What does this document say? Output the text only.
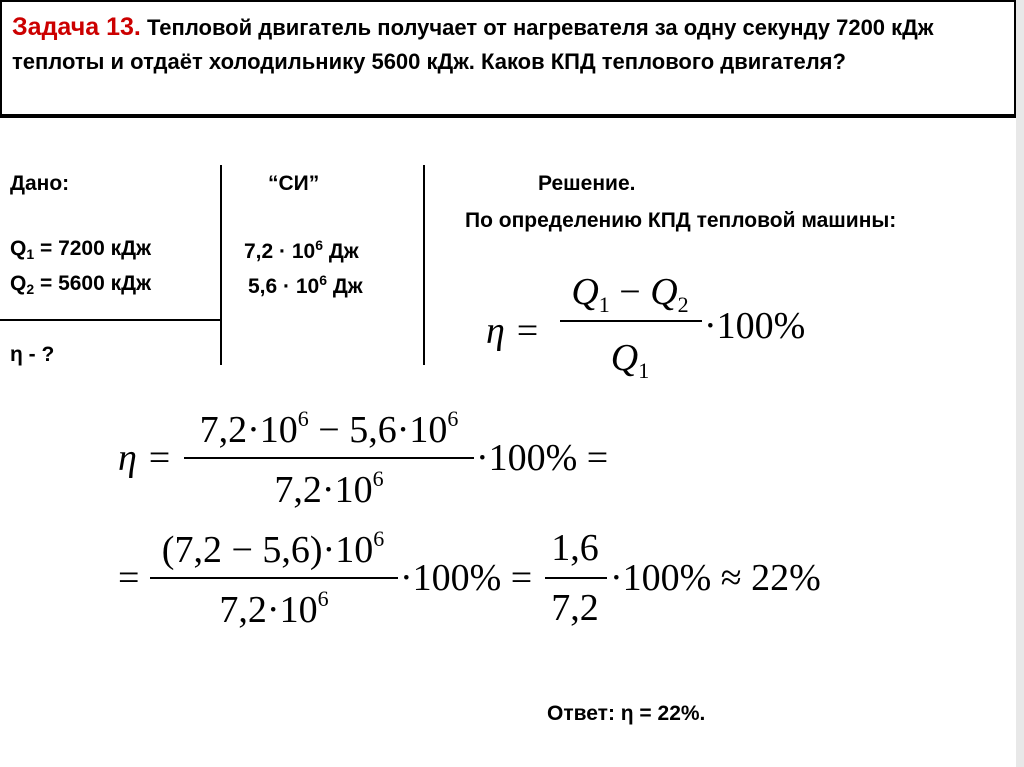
Задача 13. Тепловой двигатель получает от нагревателя за одну секунду 7200 кДж теплоты и отдаёт холодильнику 5600 кДж. Каков КПД теплового двигателя?
Дано:
$Q_1 = 7200$ кДж
$Q_2 = 5600$ кДж
η - ?
“СИ”
$7,2 \cdot 10^6$ Дж
$5,6 \cdot 10^6$ Дж
Решение.
По определению КПД тепловой машины:
η =
$Q_1 - Q_2$
$Q_1$
·100%
η =
$7,2\cdot 10^6 - 5,6\cdot 10^6$
$7,2\cdot 10^6$	·100% =
=
$(7,2 - 5,6)\cdot 10^6$
$7,2\cdot 10^6$	·100% =
1,6
7,2
·100% ≈ 22%
Ответ: η = 22%.
